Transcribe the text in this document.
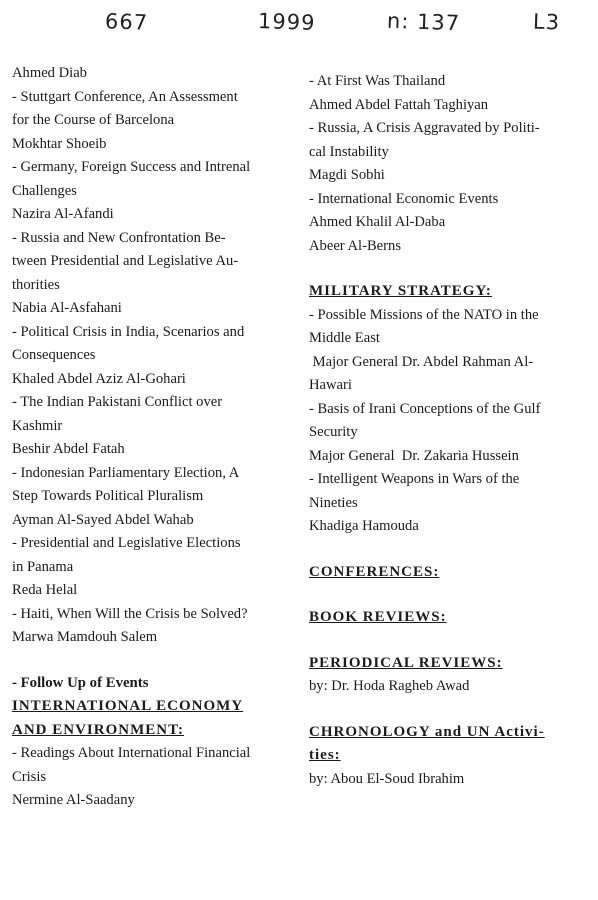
667	1999	n: 137	L3
Ahmed Diab
- Stuttgart Conference, An Assessment
for the Course of Barcelona
Mokhtar Shoeib
- Germany, Foreign Success and Intrenal
Challenges
Nazira Al-Afandi
- Russia and New Confrontation Be-
tween Presidential and Legislative Au-
thorities
Nabia Al-Asfahani
- Political Crisis in India, Scenarios and
Consequences
Khaled Abdel Aziz Al-Gohari
- The Indian Pakistani Conflict over
Kashmir
Beshir Abdel Fatah
- Indonesian Parliamentary Election, A
Step Towards Political Pluralism
Ayman Al-Sayed Abdel Wahab
- Presidential and Legislative Elections
in Panama
Reda Helal
- Haiti, When Will the Crisis be Solved?
Marwa Mamdouh Salem
- Follow Up of Events
INTERNATIONAL ECONOMY
AND ENVIRONMENT:
- Readings About International Financial
Crisis
Nermine Al-Saadany
- At First Was Thailand
Ahmed Abdel Fattah Taghiyan
- Russia, A Crisis Aggravated by Politi-
cal Instability
Magdi Sobhi
- International Economic Events
Ahmed Khalil Al-Daba
Abeer Al-Berns
MILITARY STRATEGY:
- Possible Missions of the NATO in the
Middle East
Major General Dr. Abdel Rahman Al-
Hawari
- Basis of Irani Conceptions of the Gulf
Security
Major General  Dr. Zakaria Hussein
- Intelligent Weapons in Wars of the
Nineties
Khadiga Hamouda
CONFERENCES:
BOOK REVIEWS:
PERIODICAL REVIEWS:
by: Dr. Hoda Ragheb Awad
CHRONOLOGY and UN Activi-
ties:
by: Abou El-Soud Ibrahim
